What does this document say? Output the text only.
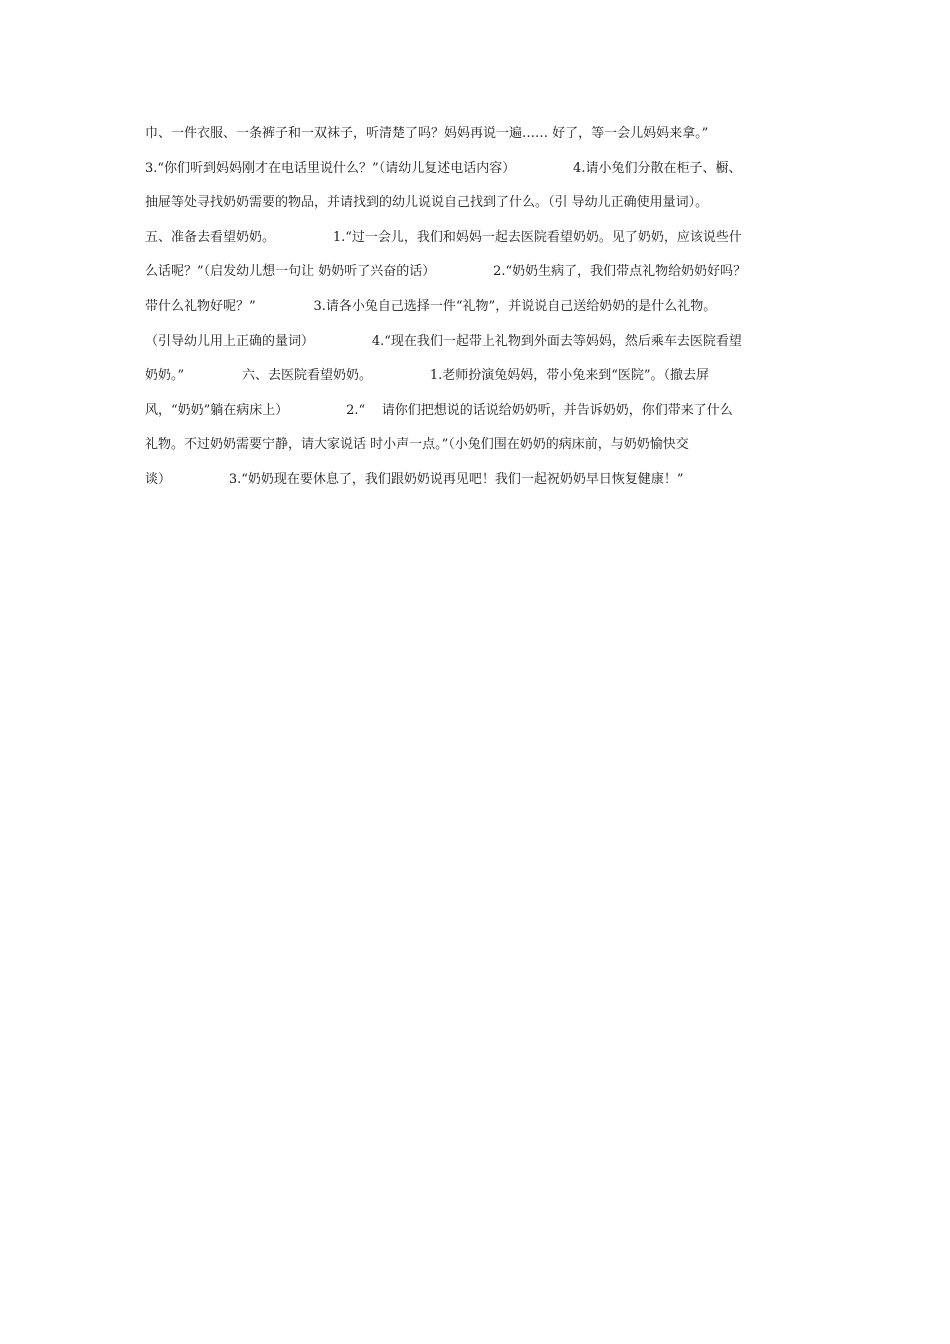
巾、一件衣服、一条裤子和一双袜子，听清楚了吗？妈妈再说一遍…… 好了，等一会儿妈妈来拿。”
3.“你们听到妈妈刚才在电话里说什么？”（请幼儿复述电话内容）              4.请小兔们分散在柜子、橱、
抽屉等处寻找奶奶需要的物品，并请找到的幼儿说说自己找到了什么。（引 导幼儿正确使用量词）。
五、准备去看望奶奶。              1.“过一会儿，我们和妈妈一起去医院看望奶奶。见了奶奶，应该说些什
么话呢？”（启发幼儿想一句让 奶奶听了兴奋的话）              2.“奶奶生病了，我们带点礼物给奶奶好吗？
带什么礼物好呢？”              3.请各小兔自己选择一件“礼物”，并说说自己送给奶奶的是什么礼物。
（引导幼儿用上正确的量词）              4.“现在我们一起带上礼物到外面去等妈妈，然后乘车去医院看望
奶奶。”              六、去医院看望奶奶。              1.老师扮演兔妈妈，带小兔来到“医院”。（撤去屏
风，“奶奶”躺在病床上）              2.“    请你们把想说的话说给奶奶听，并告诉奶奶，你们带来了什么
礼物。不过奶奶需要宁静，请大家说话 时小声一点。”（小兔们围在奶奶的病床前，与奶奶愉快交
谈）              3.“奶奶现在要休息了，我们跟奶奶说再见吧！我们一起祝奶奶早日恢复健康！”
